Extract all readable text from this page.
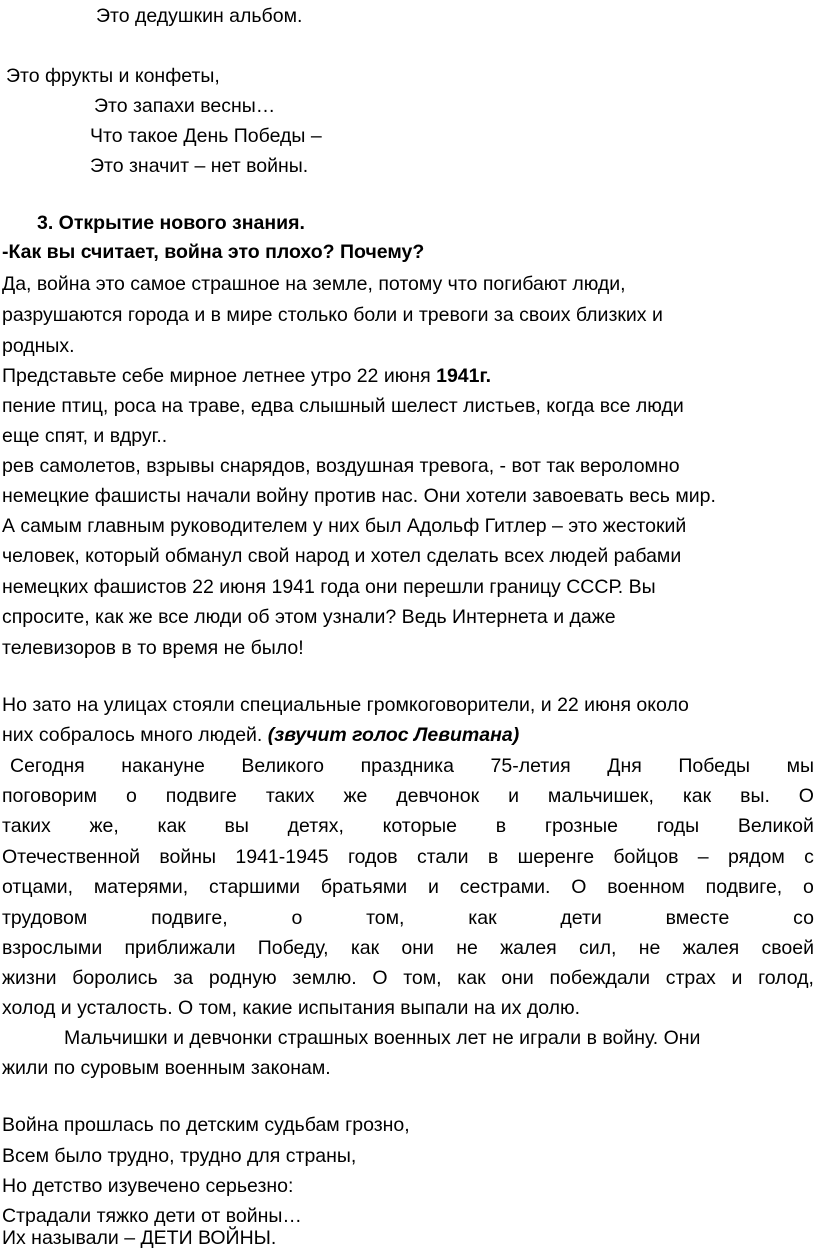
Это дедушкин альбом.
Это фрукты и конфеты,
Это запахи весны…
Что такое День Победы –
Это значит – нет войны.
3. Открытие нового знания.
-Как вы считает, война это плохо? Почему?
Да, война это самое страшное на земле, потому что погибают люди,
разрушаются города и в мире столько боли и тревоги за своих близких и
родных.
Представьте себе мирное летнее утро 22 июня 1941г.
пение птиц, роса на траве, едва слышный шелест листьев, когда все люди
еще спят, и вдруг..
рев самолетов, взрывы снарядов, воздушная тревога, - вот так вероломно
немецкие фашисты начали войну против нас. Они хотели завоевать весь мир.
А самым главным руководителем у них был Адольф Гитлер – это жестокий
человек, который обманул свой народ и хотел сделать всех людей рабами
немецких фашистов 22 июня 1941 года они перешли границу СССР. Вы
спросите, как же все люди об этом узнали? Ведь Интернета и даже
телевизоров в то время не было!
Но зато на улицах стояли специальные громкоговорители, и 22 июня около
них собралось много людей. (звучит голос Левитана)
Сегодня накануне Великого праздника 75-летия Дня Победы мы
поговорим о подвиге таких же девчонок и мальчишек, как вы. О
таких же, как вы детях, которые в грозные годы Великой
Отечественной войны 1941-1945 годов стали в шеренге бойцов – рядом с
отцами, матерями, старшими братьями и сестрами. О военном подвиге, о
трудовом	подвиге,	о	том,	как	дети	вместе	со
взрослыми приближали Победу, как они не жалея сил, не жалея своей
жизни боролись за родную землю. О том, как они побеждали страх и голод,
холод и усталость. О том, какие испытания выпали на их долю.
Мальчишки и девчонки страшных военных лет не играли в войну. Они
жили по суровым военным законам.
Война прошлась по детским судьбам грозно,
Всем было трудно, трудно для страны,
Но детство изувечено серьезно:
Страдали тяжко дети от войны…
Их называли – ДЕТИ ВОЙНЫ.
